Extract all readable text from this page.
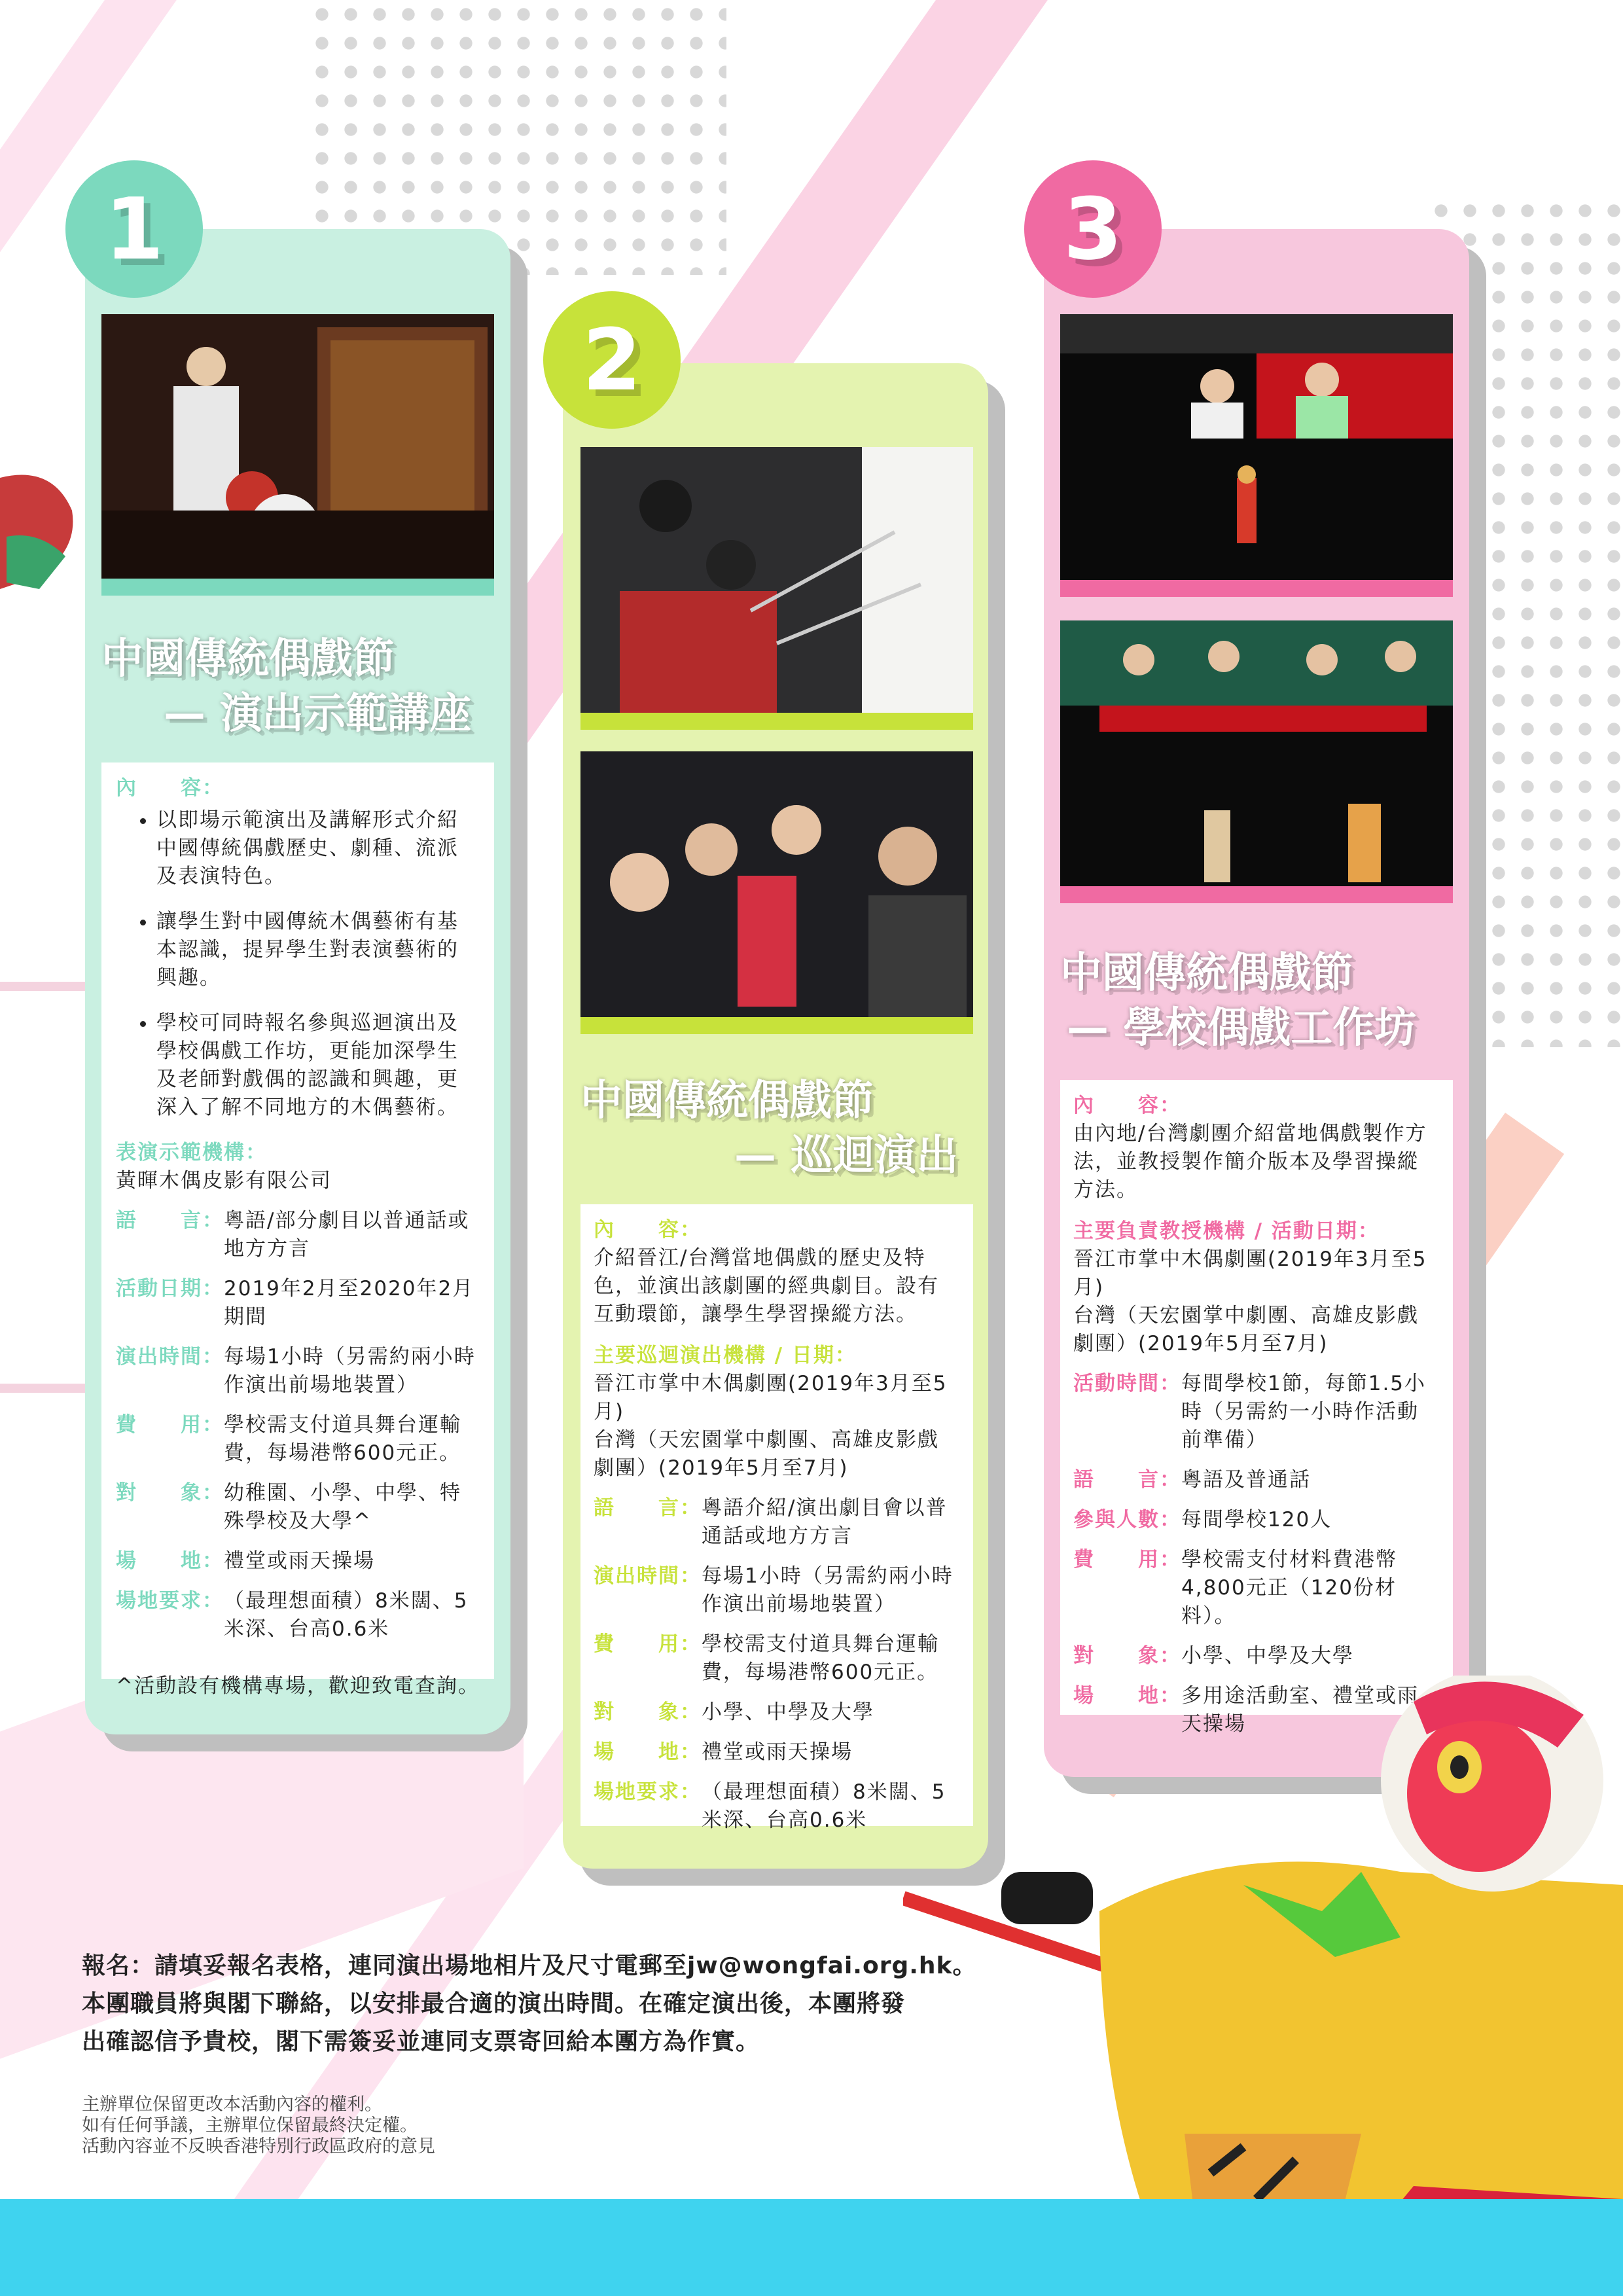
1
中國傳統偶戲節
— 演出示範講座
內　　容：
• 以即場示範演出及講解形式介紹中國傳統偶戲歷史、劇種、流派及表演特色。
• 讓學生對中國傳統木偶藝術有基本認識，提昇學生對表演藝術的興趣。
• 學校可同時報名參與巡迴演出及學校偶戲工作坊，更能加深學生及老師對戲偶的認識和興趣，更深入了解不同地方的木偶藝術。
表演示範機構：
黃暉木偶皮影有限公司
語　　言： 粵語/部分劇目以普通話或地方方言
活動日期： 2019年2月至2020年2月期間
演出時間： 每場1小時（另需約兩小時作演出前場地裝置）
費　　用： 學校需支付道具舞台運輸費，每場港幣600元正。
對　　象： 幼稚園、小學、中學、特殊學校及大學^
場　　地： 禮堂或雨天操場
場地要求： （最理想面積）8米闊、5米深、台高0.6米
^活動設有機構專場，歡迎致電查詢。
2
中國傳統偶戲節
— 巡迴演出
內　　容：
介紹晉江/台灣當地偶戲的歷史及特色，並演出該劇團的經典劇目。設有互動環節，讓學生學習操縱方法。
主要巡迴演出機構 / 日期：
晉江市掌中木偶劇團(2019年3月至5月)
台灣（天宏園掌中劇團、高雄皮影戲劇團）(2019年5月至7月)
語　　言： 粵語介紹/演出劇目會以普通話或地方方言
演出時間： 每場1小時（另需約兩小時作演出前場地裝置）
費　　用： 學校需支付道具舞台運輸費，每場港幣600元正。
對　　象： 小學、中學及大學
場　　地： 禮堂或雨天操場
場地要求： （最理想面積）8米闊、5米深、台高0.6米
3
中國傳統偶戲節
— 學校偶戲工作坊
內　　容：
由內地/台灣劇團介紹當地偶戲製作方法，並教授製作簡介版本及學習操縱方法。
主要負責教授機構 / 活動日期：
晉江市掌中木偶劇團(2019年3月至5月)
台灣（天宏園掌中劇團、高雄皮影戲劇團）(2019年5月至7月)
活動時間： 每間學校1節，每節1.5小時（另需約一小時作活動前準備）
語　　言： 粵語及普通話
參與人數： 每間學校120人
費　　用： 學校需支付材料費港幣4,800元正（120份材料）。
對　　象： 小學、中學及大學
場　　地： 多用途活動室、禮堂或雨天操場
報名：請填妥報名表格，連同演出場地相片及尺寸電郵至jw@wongfai.org.hk。
本團職員將與閣下聯絡，以安排最合適的演出時間。在確定演出後，本團將發
出確認信予貴校，閣下需簽妥並連同支票寄回給本團方為作實。
主辦單位保留更改本活動內容的權利。
如有任何爭議，主辦單位保留最終決定權。
活動內容並不反映香港特別行政區政府的意見
